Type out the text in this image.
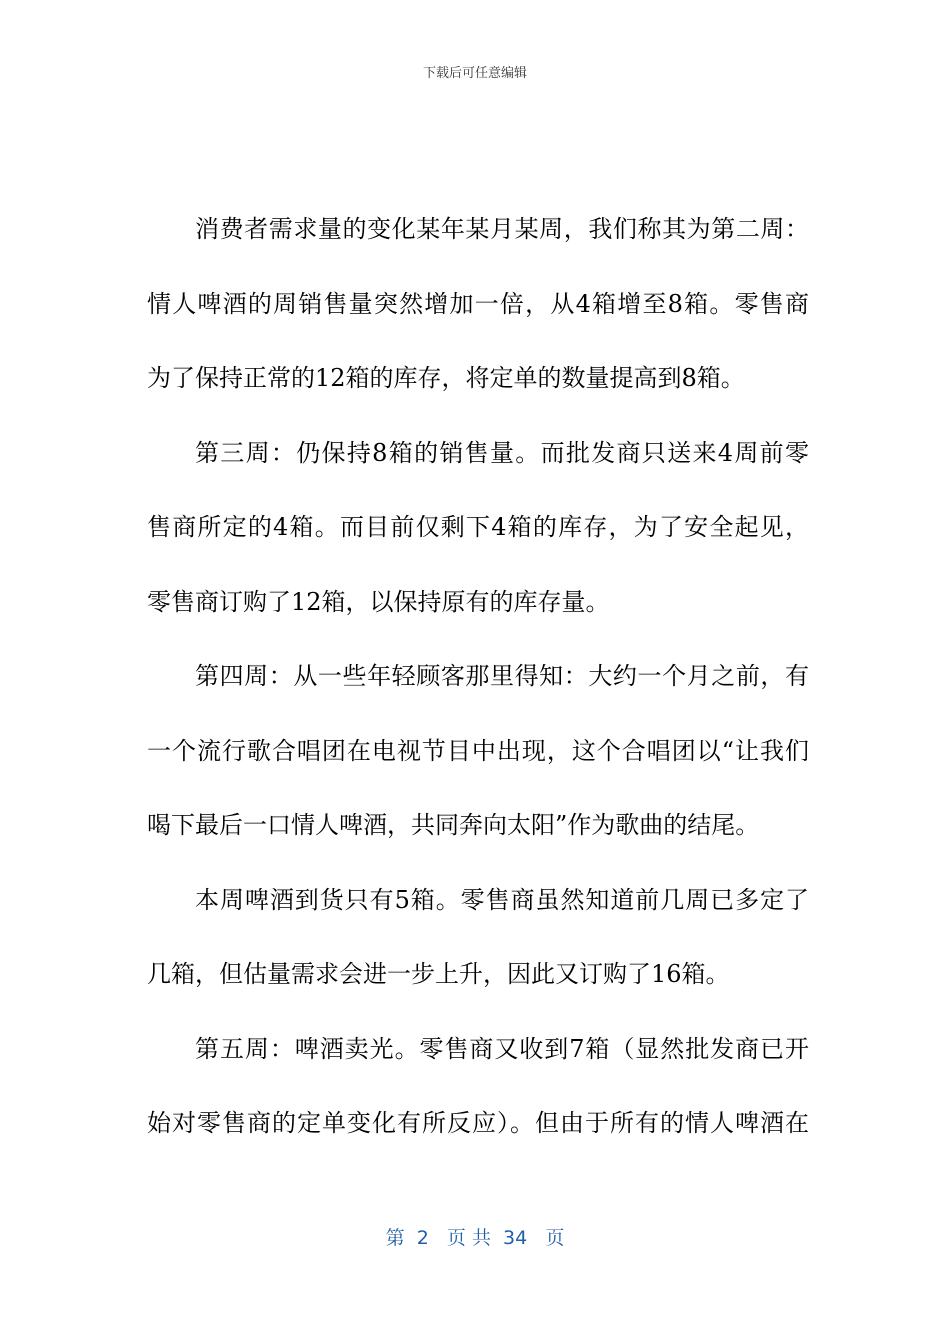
下载后可任意编辑
消费者需求量的变化某年某月某周，我们称其为第二周：
情人啤酒的周销售量突然增加一倍，从4箱增至8箱。零售商
为了保持正常的12箱的库存，将定单的数量提高到8箱。
第三周：仍保持8箱的销售量。而批发商只送来4周前零
售商所定的4箱。而目前仅剩下4箱的库存，为了安全起见，
零售商订购了12箱，以保持原有的库存量。
第四周：从一些年轻顾客那里得知：大约一个月之前，有
一个流行歌合唱团在电视节目中出现，这个合唱团以“让我们
喝下最后一口情人啤酒，共同奔向太阳”作为歌曲的结尾。
本周啤酒到货只有5箱。零售商虽然知道前几周已多定了
几箱，但估量需求会进一步上升，因此又订购了16箱。
第五周：啤酒卖光。零售商又收到7箱（显然批发商已开
始对零售商的定单变化有所反应）。但由于所有的情人啤酒在
第  2   页 共  34   页
